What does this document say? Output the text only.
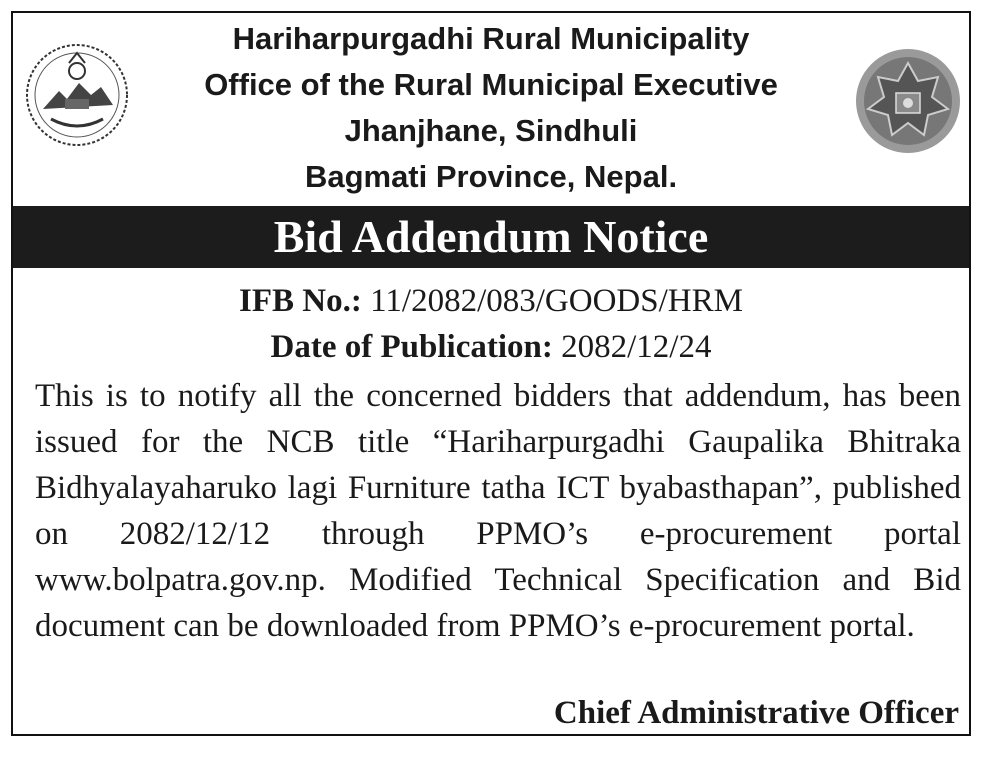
Hariharpurgadhi Rural Municipality
Office of the Rural Municipal Executive
Jhanjhane, Sindhuli
Bagmati Province, Nepal.
Bid Addendum Notice
IFB No.: 11/2082/083/GOODS/HRM
Date of Publication: 2082/12/24

This is to notify all the concerned bidders that addendum, has been issued for the NCB title “Hariharpurgadhi Gaupalika Bhitraka Bidhyalayaharuko lagi Furniture tatha ICT byabasthapan”, published on 2082/12/12 through PPMO’s e-procurement portal www.bolpatra.gov.np. Modified Technical Specification and Bid document can be downloaded from PPMO’s e-procurement portal.

Chief Administrative Officer
